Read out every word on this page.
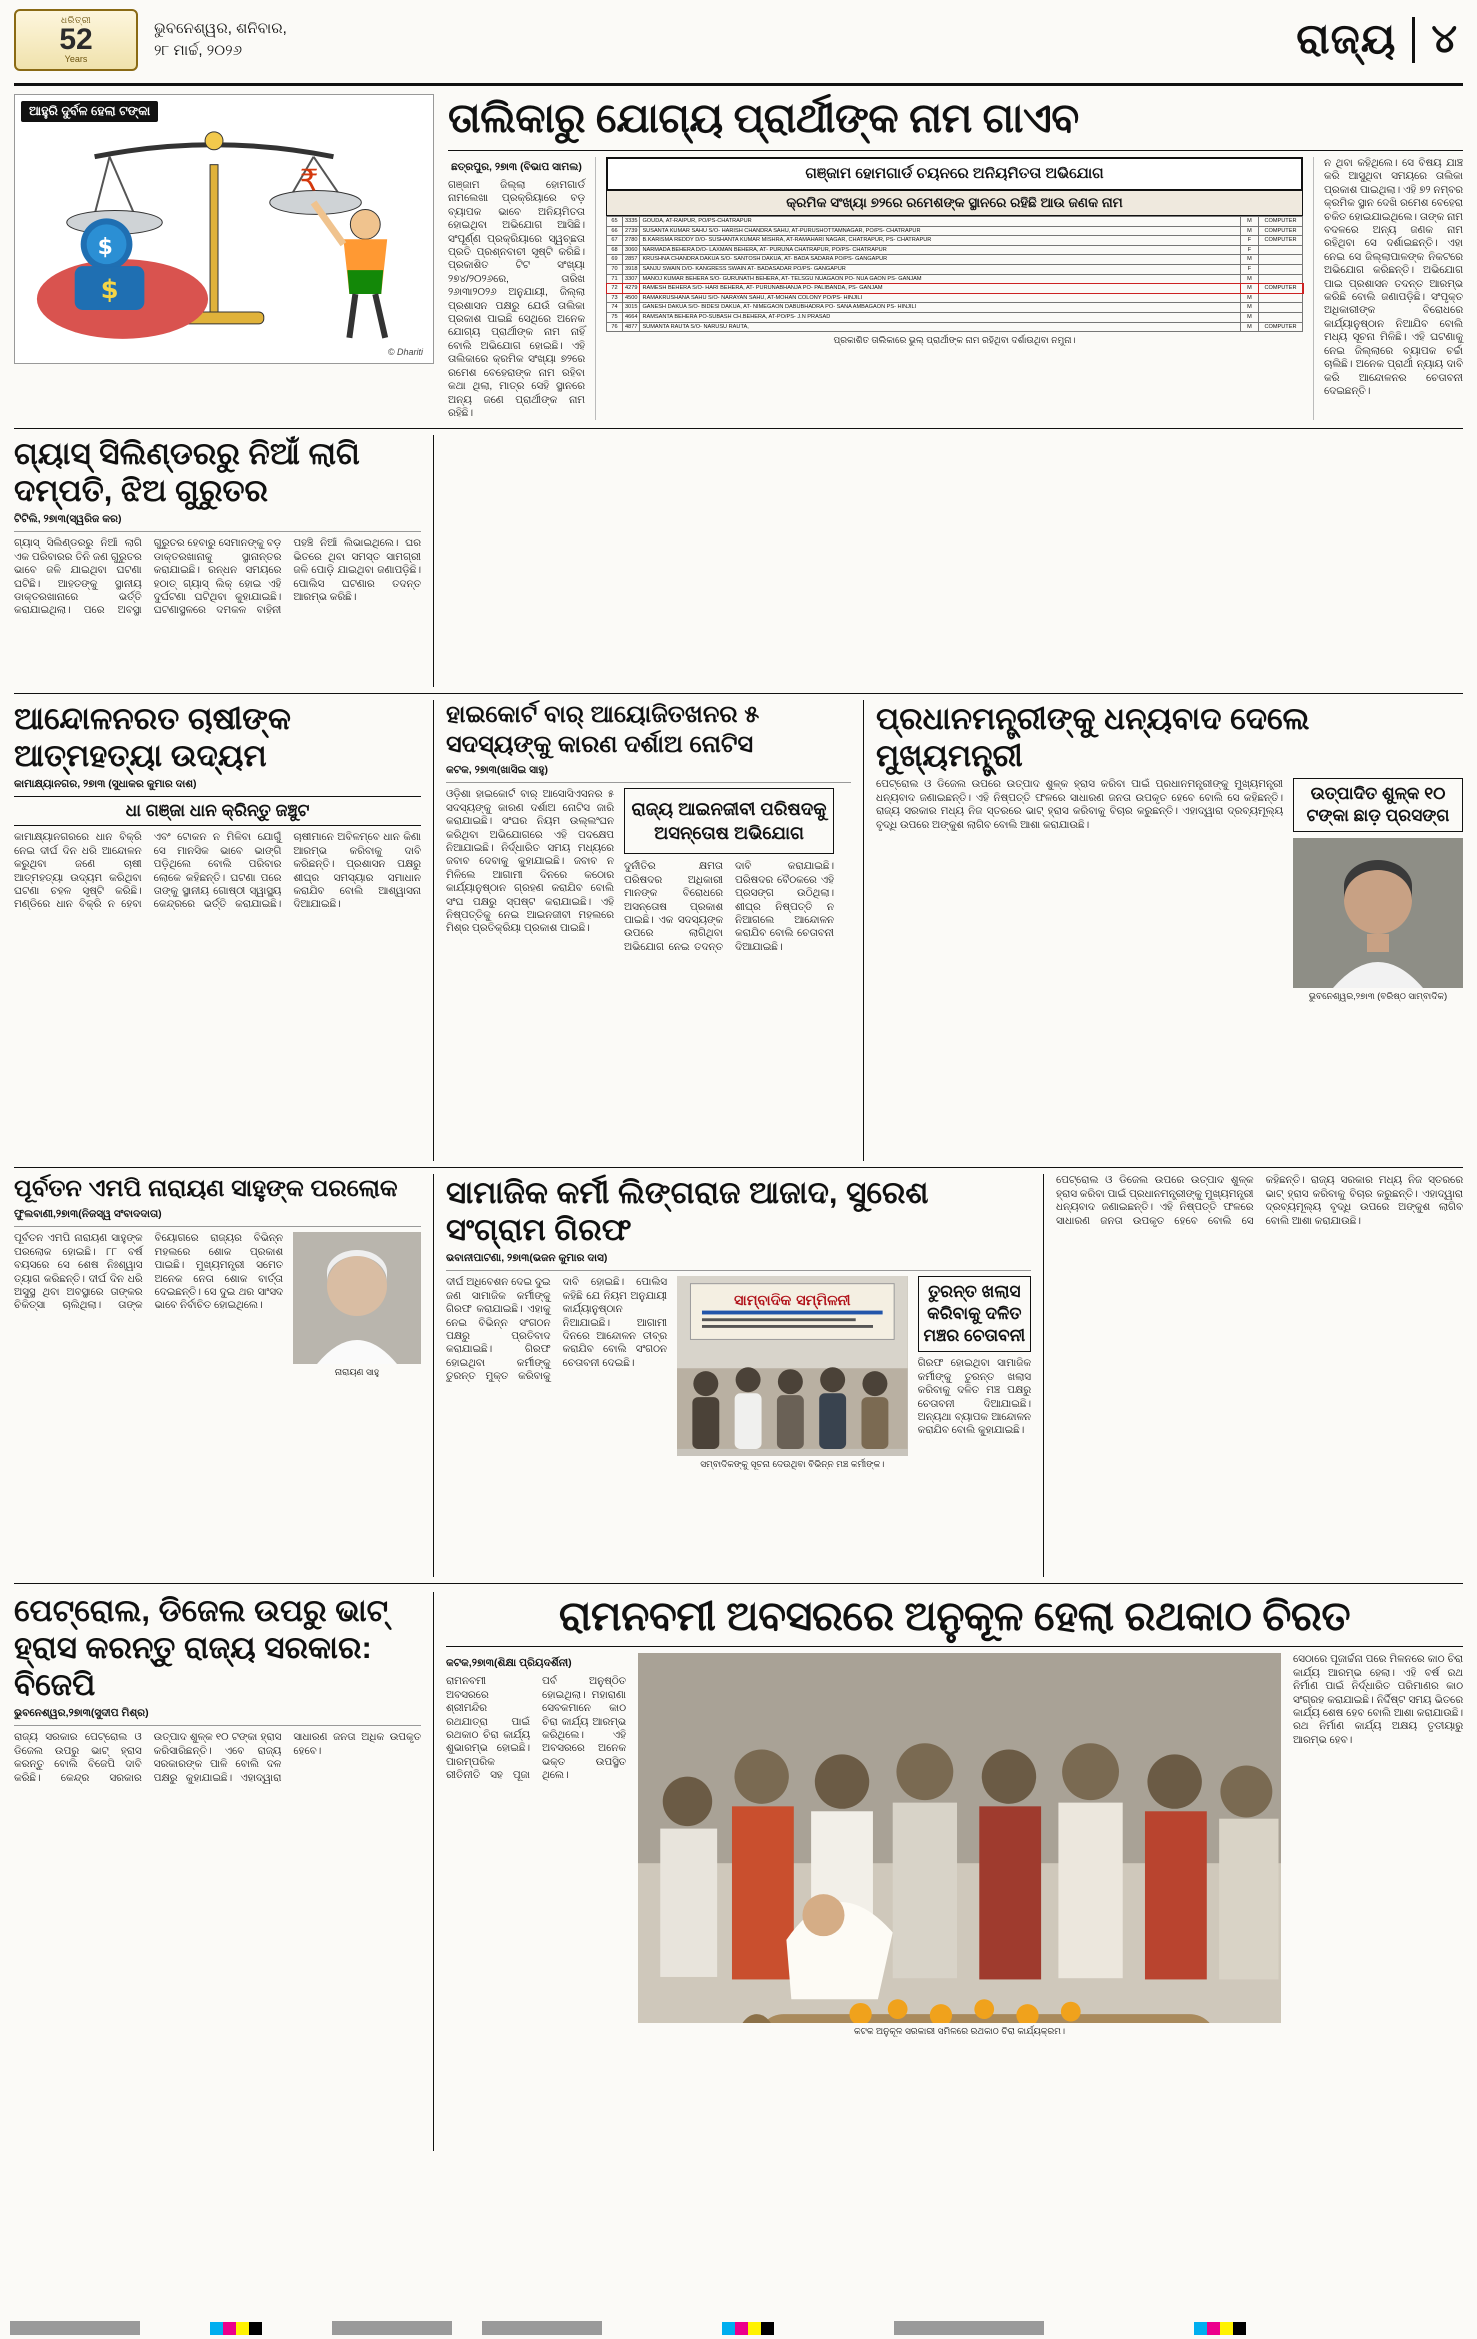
ଧରିତ୍ରୀ
52
Years
ଭୁବନେଶ୍ୱର, ଶନିବାର,
୨୮ ମାର୍ଚ୍ଚ, ୨୦୨୬	ରାଜ୍ୟ ୪
ଆହୁରି ଦୁର୍ବଳ ହେଲା ଟଙ୍କା
₹
$
$
© Dhariti
ତାଲିକାରୁ ଯୋଗ୍ୟ ପ୍ରାର୍ଥୀଙ୍କ ନାମ ଗାଏବ
ଛତ୍ରପୁର, ୨୭ା୩ (ବିଭାପ ସାମଲ)
ଗଞ୍ଜାମ ଜିଲ୍ଲା ହୋମଗାର୍ଡ ନାମଲେଖା ପ୍ରକ୍ରିୟାରେ ବଡ଼ ବ୍ୟାପକ ଭାବେ ଅନିୟମିତତା ହୋଇଥିବା ଅଭିଯୋଗ ଆସିଛି। ସଂପୂର୍ଣ୍ଣ ପ୍ରକ୍ରିୟାରେ ସ୍ୱଚ୍ଛତା ପ୍ରତି ପ୍ରଶ୍ନବାଚୀ ସୃଷ୍ଟି କରିଛି। ପ୍ରକାଶିତ ଟିଟ ସଂଖ୍ୟା ୨୭୪/୨୦୨୬ରେ, ତାରିଖ ୨୬ା୩ା୨୦୨୬ ଅନୁଯାୟୀ, ଜିଲ୍ଲା ପ୍ରଶାସନ ପକ୍ଷରୁ ଯେଉଁ ତାଲିକା ପ୍ରକାଶ ପାଇଛି ସେଥିରେ ଅନେକ ଯୋଗ୍ୟ ପ୍ରାର୍ଥୀଙ୍କ ନାମ ନାହିଁ ବୋଲି ଅଭିଯୋଗ ହୋଇଛି। ଏହି ତାଲିକାରେ କ୍ରମିକ ସଂଖ୍ୟା ୭୨ରେ ରମେଶ ବେହେରାଙ୍କ ନାମ ରହିବା କଥା ଥିଲା, ମାତ୍ର ସେହି ସ୍ଥାନରେ ଅନ୍ୟ ଜଣେ ପ୍ରାର୍ଥୀଙ୍କ ନାମ ରହିଛି।
ଗଞ୍ଜାମ ହୋମଗାର୍ଡ ଚୟନରେ ଅନିୟମିତତା ଅଭିଯୋଗ
କ୍ରମିକ ସଂଖ୍ୟା ୭୨ରେ ରମେଶଙ୍କ ସ୍ଥାନରେ ରହିଛି ଆଉ ଜଣକ ନାମ
65	3335	GOUDA, AT-RAIPUR, PO/PS-CHATRAPUR	M	COMPUTER
66	2739	SUSANTA KUMAR SAHU S/O- HARISH CHANDRA SAHU, AT-PURUSHOTTAMNAGAR, PO/PS- CHATRAPUR	M	COMPUTER
67	2780	B.KARISMA REDDY D/O- SUSHANTA KUMAR MISHRA, AT-RAMAHARI NAGAR, CHATRAPUR, PS- CHATRAPUR	F	COMPUTER
68	3060	NARMADA BEHERA D/O- LAXMAN BEHERA, AT- PURUNA CHATRAPUR, PO/PS- CHATRAPUR	F	
69	2857	KRUSHNA CHANDRA DAKUA S/O- SANTOSH DAKUA, AT- BADA SADARA PO/PS- GANGAPUR	M	
70	3918	SANJU SWAIN D/O- KANGRESS SWAIN AT- BADASADAR PO/PS- GANGAPUR	F	
71	3307	MANOJ KUMAR BEHERA S/O- GURUNATH BEHERA, AT- TELSGU NUAGAON PO- NUA GAON PS- GANJAM	M	
72	4279	RAMESH BEHERA S/O- HARI BEHERA, AT- PURUNABHANJA PO- PALIBANDA, PS- GANJAM	M	COMPUTER
73	4500	RAMAKRUSHANA SAHU S/O- NARAYAN SAHU, AT-MOHAN COLONY PO/PS- HINJILI	M	
74	3015	GANESH DAKUA S/O- BIDESI DAKUA, AT- NIMEGAON DABUBHADRA PO- SANA AMBAGAON PS- HINJILI	M	
75	4664	RAMSANTA BEHERA PO-SUBASH CH.BEHERA, AT-PO/PS- J.N PRASAD	M	
76	4877	SUMANTA RAUTA S/O- NARUSU RAUTA,	M	COMPUTER
ପ୍ରକାଶିତ ତାଲିକାରେ ଭୁଲ୍ ପ୍ରାର୍ଥୀଙ୍କ ନାମ ରହିଥିବା ଦର୍ଶାଉଥିବା ନମୁନା।
ନ ଥିବା କହିଥିଲେ। ସେ ବିଷୟ ଯାଞ୍ଚ କରି ଆସୁଥିବା ସମୟରେ ତାଲିକା ପ୍ରକାଶ ପାଇଥିଲା। ଏହି ୭୨ ନମ୍ବର କ୍ରମିକ ସ୍ଥାନ ଦେଖି ରମେଶ ବେହେରା ଚକିତ ହୋଇଯାଇଥିଲେ। ତାଙ୍କ ନାମ ବଦଳରେ ଅନ୍ୟ ଜଣକ ନାମ ରହିଥିବା ସେ ଦର୍ଶାଇଛନ୍ତି। ଏହା ନେଇ ସେ ଜିଲ୍ଲାପାଳଙ୍କ ନିକଟରେ ଅଭିଯୋଗ କରିଛନ୍ତି। ଅଭିଯୋଗ ପାଇ ପ୍ରଶାସନ ତଦନ୍ତ ଆରମ୍ଭ କରିଛି ବୋଲି ଜଣାପଡ଼ିଛି। ସଂପୃକ୍ତ ଅଧିକାରୀଙ୍କ ବିରୋଧରେ କାର୍ଯ୍ୟାନୁଷ୍ଠାନ ନିଆଯିବ ବୋଲି ମଧ୍ୟ ସୂଚନା ମିଳିଛି। ଏହି ଘଟଣାକୁ ନେଇ ଜିଲ୍ଲାରେ ବ୍ୟାପକ ଚର୍ଚ୍ଚା ଚାଲିଛି। ଅନେକ ପ୍ରାର୍ଥୀ ନ୍ୟାୟ ଦାବି କରି ଆନ୍ଦୋଳନର ଚେତାବନୀ ଦେଇଛନ୍ତି।
ଗ୍ୟାସ୍ ସିଲିଣ୍ଡରରୁ ନିଆଁ ଲାଗି ଦମ୍ପତି, ଝିଅ ଗୁରୁତର
ଟିଟିଲି, ୨୭ା୩(ସ୍ୱରିଜ କର)
ଗ୍ୟାସ୍ ସିଲିଣ୍ଡରରୁ ନିଆଁ ଲାଗି ଏକ ପରିବାରର ତିନି ଜଣ ଗୁରୁତର ଭାବେ ଜଳି ଯାଇଥିବା ଘଟଣା ଘଟିଛି। ଆହତଙ୍କୁ ସ୍ଥାନୀୟ ଡାକ୍ତରଖାନାରେ ଭର୍ତ୍ତି କରାଯାଇଥିଲା। ପରେ ଅବସ୍ଥା ଗୁରୁତର ହେବାରୁ ସେମାନଙ୍କୁ ବଡ଼ ଡାକ୍ତରଖାନାକୁ ସ୍ଥାନାନ୍ତର କରାଯାଇଛି। ରନ୍ଧନ ସମୟରେ ହଠାତ୍ ଗ୍ୟାସ୍ ଲିକ୍ ହୋଇ ଏହି ଦୁର୍ଘଟଣା ଘଟିଥିବା କୁହାଯାଇଛି। ଘଟଣାସ୍ଥଳରେ ଦମକଳ ବାହିନୀ ପହଞ୍ଚି ନିଆଁ ଲିଭାଇଥିଲେ। ଘର ଭିତରେ ଥିବା ସମସ୍ତ ସାମଗ୍ରୀ ଜଳି ପୋଡ଼ି ଯାଇଥିବା ଜଣାପଡ଼ିଛି। ପୋଲିସ ଘଟଣାର ତଦନ୍ତ ଆରମ୍ଭ କରିଛି।
ଆନ୍ଦୋଳନରତ ଚାଷୀଙ୍କ ଆତ୍ମହତ୍ୟା ଉଦ୍ୟମ
କାମାକ୍ଷ୍ୟାନଗର, ୨୭ା୩ (ସୁଧାକର କୁମାର ଦାଶ)
ଧା ଗଞ୍ଜା ଧାନ କ୍ରିନ୍ତୁ ଜଞ୍ଚୁଟ
କାମାକ୍ଷ୍ୟାନଗରରେ ଧାନ ବିକ୍ରି ନେଇ ଦୀର୍ଘ ଦିନ ଧରି ଆନ୍ଦୋଳନ କରୁଥିବା ଜଣେ ଚାଷୀ ଆତ୍ମହତ୍ୟା ଉଦ୍ୟମ କରିଥିବା ଘଟଣା ଚହଳ ସୃଷ୍ଟି କରିଛି। ମଣ୍ଡିରେ ଧାନ ବିକ୍ରି ନ ହେବା ଏବଂ ଟୋକନ ନ ମିଳିବା ଯୋଗୁଁ ସେ ମାନସିକ ଭାବେ ଭାଙ୍ଗି ପଡ଼ିଥିଲେ ବୋଲି ପରିବାର ଲୋକେ କହିଛନ୍ତି। ଘଟଣା ପରେ ତାଙ୍କୁ ସ୍ଥାନୀୟ ଗୋଷ୍ଠୀ ସ୍ୱାସ୍ଥ୍ୟ କେନ୍ଦ୍ରରେ ଭର୍ତ୍ତି କରାଯାଇଛି। ଚାଷୀମାନେ ଅବିଳମ୍ବେ ଧାନ କିଣା ଆରମ୍ଭ କରିବାକୁ ଦାବି କରିଛନ୍ତି। ପ୍ରଶାସନ ପକ୍ଷରୁ ଶୀଘ୍ର ସମସ୍ୟାର ସମାଧାନ କରାଯିବ ବୋଲି ଆଶ୍ୱାସନା ଦିଆଯାଇଛି।
ହାଇକୋର୍ଟ ବାର୍ ଆୟୋଜିତଖନର ୫ ସଦସ୍ୟଙ୍କୁ କାରଣ ଦର୍ଶାଅ ନୋଟିସ
କଟକ, ୨୭ା୩(ଖାସିଇ ସାହୁ)
ଓଡ଼ିଶା ହାଇକୋର୍ଟ ବାର୍ ଆସୋସିଏସନର ୫ ସଦସ୍ୟଙ୍କୁ କାରଣ ଦର୍ଶାଅ ନୋଟିସ ଜାରି କରାଯାଇଛି। ସଂଘର ନିୟମ ଉଲ୍ଲଂଘନ କରିଥିବା ଅଭିଯୋଗରେ ଏହି ପଦକ୍ଷେପ ନିଆଯାଇଛି। ନିର୍ଦ୍ଧାରିତ ସମୟ ମଧ୍ୟରେ ଜବାବ ଦେବାକୁ କୁହାଯାଇଛି। ଜବାବ ନ ମିଳିଲେ ଆଗାମୀ ଦିନରେ କଠୋର କାର୍ଯ୍ୟାନୁଷ୍ଠାନ ଗ୍ରହଣ କରାଯିବ ବୋଲି ସଂଘ ପକ୍ଷରୁ ସ୍ପଷ୍ଟ କରାଯାଇଛି। ଏହି ନିଷ୍ପତ୍ତିକୁ ନେଇ ଆଇନଜୀବୀ ମହଲରେ ମିଶ୍ର ପ୍ରତିକ୍ରିୟା ପ୍ରକାଶ ପାଇଛି।
ରାଜ୍ୟ ଆଇନଜୀବୀ ପରିଷଦକୁ ଅସନ୍ତୋଷ ଅଭିଯୋଗ
ଦୁର୍ନୀତିର କ୍ଷମତା ପରିଷଦର ଅଧିକାରୀ ମାନଙ୍କ ବିରୋଧରେ ଅସନ୍ତୋଷ ପ୍ରକାଶ ପାଇଛି। ଏକ ସଦସ୍ୟଙ୍କ ଉପରେ ଲାଗିଥିବା ଅଭିଯୋଗ ନେଇ ତଦନ୍ତ ଦାବି କରାଯାଇଛି। ପରିଷଦର ବୈଠକରେ ଏହି ପ୍ରସଙ୍ଗ ଉଠିଥିଲା। ଶୀଘ୍ର ନିଷ୍ପତ୍ତି ନ ନିଆଗଲେ ଆନ୍ଦୋଳନ କରାଯିବ ବୋଲି ଚେତାବନୀ ଦିଆଯାଇଛି।
ପ୍ରଧାନମନ୍ତ୍ରୀଙ୍କୁ ଧନ୍ୟବାଦ ଦେଲେ ମୁଖ୍ୟମନ୍ତ୍ରୀ
ପେଟ୍ରୋଲ ଓ ଡିଜେଲ ଉପରେ ଉତ୍ପାଦ ଶୁଳ୍କ ହ୍ରାସ କରିବା ପାଇଁ ପ୍ରଧାନମନ୍ତ୍ରୀଙ୍କୁ ମୁଖ୍ୟମନ୍ତ୍ରୀ ଧନ୍ୟବାଦ ଜଣାଇଛନ୍ତି। ଏହି ନିଷ୍ପତ୍ତି ଫଳରେ ସାଧାରଣ ଜନତା ଉପକୃତ ହେବେ ବୋଲି ସେ କହିଛନ୍ତି। ରାଜ୍ୟ ସରକାର ମଧ୍ୟ ନିଜ ସ୍ତରରେ ଭାଟ୍ ହ୍ରାସ କରିବାକୁ ବିଚାର କରୁଛନ୍ତି। ଏହାଦ୍ୱାରା ଦ୍ରବ୍ୟମୂଲ୍ୟ ବୃଦ୍ଧି ଉପରେ ଅଙ୍କୁଶ ଲାଗିବ ବୋଲି ଆଶା କରାଯାଉଛି।
ଉତ୍ପାଦିତ ଶୁଳ୍କ ୧୦ ଟଙ୍କା ଛାଡ଼ ପ୍ରସଙ୍ଗ
ଭୁବନେଶ୍ୱର,୨୭ା୩ (ବରିଷ୍ଠ ସାମ୍ବାଦିକ)
ପୂର୍ବତନ ଏମପି ନାରାୟଣ ସାହୁଙ୍କ ପରଲୋକ
ଫୁଲବାଣୀ,୨୭ା୩(ନିଜସ୍ୱ ସଂବାଦଦାତା)
ପୂର୍ବତନ ଏମପି ନାରାୟଣ ସାହୁଙ୍କ ପରଲୋକ ହୋଇଛି। ୮୮ ବର୍ଷ ବୟସରେ ସେ ଶେଷ ନିଃଶ୍ୱାସ ତ୍ୟାଗ କରିଛନ୍ତି। ଦୀର୍ଘ ଦିନ ଧରି ଅସୁସ୍ଥ ଥିବା ଅବସ୍ଥାରେ ତାଙ୍କର ଚିକିତ୍ସା ଚାଲିଥିଲା। ତାଙ୍କ ବିୟୋଗରେ ରାଜ୍ୟର ବିଭିନ୍ନ ମହଲରେ ଶୋକ ପ୍ରକାଶ ପାଇଛି। ମୁଖ୍ୟମନ୍ତ୍ରୀ ସମେତ ଅନେକ ନେତା ଶୋକ ବାର୍ତ୍ତା ଦେଇଛନ୍ତି। ସେ ଦୁଇ ଥର ସାଂସଦ ଭାବେ ନିର୍ବାଚିତ ହୋଇଥିଲେ।
ନାରାୟଣ ସାହୁ
ସାମାଜିକ କର୍ମୀ ଲିଙ୍ଗରାଜ ଆଜାଦ, ସୁରେଶ ସଂଗ୍ରାମ ଗିରଫ
ଭବାନୀପାଟଣା, ୨୭ା୩(ଭଜନ କୁମାର ଦାସ)
ଦୀର୍ଘ ଅଧିବେଶନ ଦେଇ ଦୁଇ ଜଣ ସାମାଜିକ କର୍ମୀଙ୍କୁ ଗିରଫ କରାଯାଇଛି। ଏହାକୁ ନେଇ ବିଭିନ୍ନ ସଂଗଠନ ପକ୍ଷରୁ ପ୍ରତିବାଦ କରାଯାଇଛି। ଗିରଫ ହୋଇଥିବା କର୍ମୀଙ୍କୁ ତୁରନ୍ତ ମୁକ୍ତ କରିବାକୁ ଦାବି ହୋଇଛି। ପୋଲିସ କହିଛି ଯେ ନିୟମ ଅନୁଯାୟୀ କାର୍ଯ୍ୟାନୁଷ୍ଠାନ ନିଆଯାଇଛି। ଆଗାମୀ ଦିନରେ ଆନ୍ଦୋଳନ ତୀବ୍ର କରାଯିବ ବୋଲି ସଂଗଠନ ଚେତାବନୀ ଦେଇଛି।
ସାମ୍ବାଦିକ ସମ୍ମିଳନୀ
ସମ୍ବାଦିକଙ୍କୁ ସୂଚନା ଦେଉଥିବା ବିଭିନ୍ନ ମଞ୍ଚ କର୍ମୀଙ୍କ।
ତୁରନ୍ତ ଖଲାସ କରିବାକୁ ଦଳିତ ମଞ୍ଚର ଚେତାବନୀ
ଗିରଫ ହୋଇଥିବା ସାମାଜିକ କର୍ମୀଙ୍କୁ ତୁରନ୍ତ ଖଲାସ କରିବାକୁ ଦଳିତ ମଞ୍ଚ ପକ୍ଷରୁ ଚେତାବନୀ ଦିଆଯାଇଛି। ଅନ୍ୟଥା ବ୍ୟାପକ ଆନ୍ଦୋଳନ କରାଯିବ ବୋଲି କୁହାଯାଇଛି।
ପେଟ୍ରୋଲ ଓ ଡିଜେଲ ଉପରେ ଉତ୍ପାଦ ଶୁଳ୍କ ହ୍ରାସ କରିବା ପାଇଁ ପ୍ରଧାନମନ୍ତ୍ରୀଙ୍କୁ ମୁଖ୍ୟମନ୍ତ୍ରୀ ଧନ୍ୟବାଦ ଜଣାଇଛନ୍ତି। ଏହି ନିଷ୍ପତ୍ତି ଫଳରେ ସାଧାରଣ ଜନତା ଉପକୃତ ହେବେ ବୋଲି ସେ କହିଛନ୍ତି। ରାଜ୍ୟ ସରକାର ମଧ୍ୟ ନିଜ ସ୍ତରରେ ଭାଟ୍ ହ୍ରାସ କରିବାକୁ ବିଚାର କରୁଛନ୍ତି। ଏହାଦ୍ୱାରା ଦ୍ରବ୍ୟମୂଲ୍ୟ ବୃଦ୍ଧି ଉପରେ ଅଙ୍କୁଶ ଲାଗିବ ବୋଲି ଆଶା କରାଯାଉଛି।
ପେଟ୍ରୋଲ, ଡିଜେଲ ଉପରୁ ଭାଟ୍ ହ୍ରାସ କରନ୍ତୁ ରାଜ୍ୟ ସରକାର: ବିଜେପି
ଭୁବନେଶ୍ୱର,୨୭ା୩(ସୁଦୀପ ମିଶ୍ର)
ରାଜ୍ୟ ସରକାର ପେଟ୍ରୋଲ ଓ ଡିଜେଲ ଉପରୁ ଭାଟ୍ ହ୍ରାସ କରନ୍ତୁ ବୋଲି ବିଜେପି ଦାବି କରିଛି। କେନ୍ଦ୍ର ସରକାର ଉତ୍ପାଦ ଶୁଳ୍କ ୧୦ ଟଙ୍କା ହ୍ରାସ କରିସାରିଛନ୍ତି। ଏବେ ରାଜ୍ୟ ସରକାରଙ୍କ ପାଳି ବୋଲି ଦଳ ପକ୍ଷରୁ କୁହାଯାଇଛି। ଏହାଦ୍ୱାରା ସାଧାରଣ ଜନତା ଅଧିକ ଉପକୃତ ହେବେ।
ରାମନବମୀ ଅବସରରେ ଅନୁକୂଳ ହେଲା ରଥକାଠ ଚିରତ
କଟକ,୨୭ା୩(ଶିକ୍ଷା ପ୍ରିୟଦର୍ଶିନୀ)
ରାମନବମୀ ଅବସରରେ ଶ୍ରୀମନ୍ଦିର ରଥଯାତ୍ରା ପାଇଁ ରଥକାଠ ଚିରା କାର୍ଯ୍ୟ ଶୁଭାରମ୍ଭ ହୋଇଛି। ପାରମ୍ପରିକ ରୀତିନୀତି ସହ ପୂଜା ପର୍ବ ଅନୁଷ୍ଠିତ ହୋଇଥିଲା। ମହାରାଣା ସେବକମାନେ କାଠ ଚିରା କାର୍ଯ୍ୟ ଆରମ୍ଭ କରିଥିଲେ। ଏହି ଅବସରରେ ଅନେକ ଭକ୍ତ ଉପସ୍ଥିତ ଥିଲେ।
କଟକ ଅନୁକୂଳ ସରକାରୀ ସମିଳରେ ରଥକାଠ ଚିରା କାର୍ଯ୍ୟକ୍ରମ।
ସେଠାରେ ପୂଜାର୍ଚ୍ଚନା ପରେ ମିଳନରେ କାଠ ଚିରା କାର୍ଯ୍ୟ ଆରମ୍ଭ ହେଲା। ଏହି ବର୍ଷ ରଥ ନିର୍ମାଣ ପାଇଁ ନିର୍ଦ୍ଧାରିତ ପରିମାଣର କାଠ ସଂଗ୍ରହ କରାଯାଇଛି। ନିର୍ଦ୍ଦିଷ୍ଟ ସମୟ ଭିତରେ କାର୍ଯ୍ୟ ଶେଷ ହେବ ବୋଲି ଆଶା କରାଯାଉଛି। ରଥ ନିର୍ମାଣ କାର୍ଯ୍ୟ ଅକ୍ଷୟ ତୃତୀୟାରୁ ଆରମ୍ଭ ହେବ।
